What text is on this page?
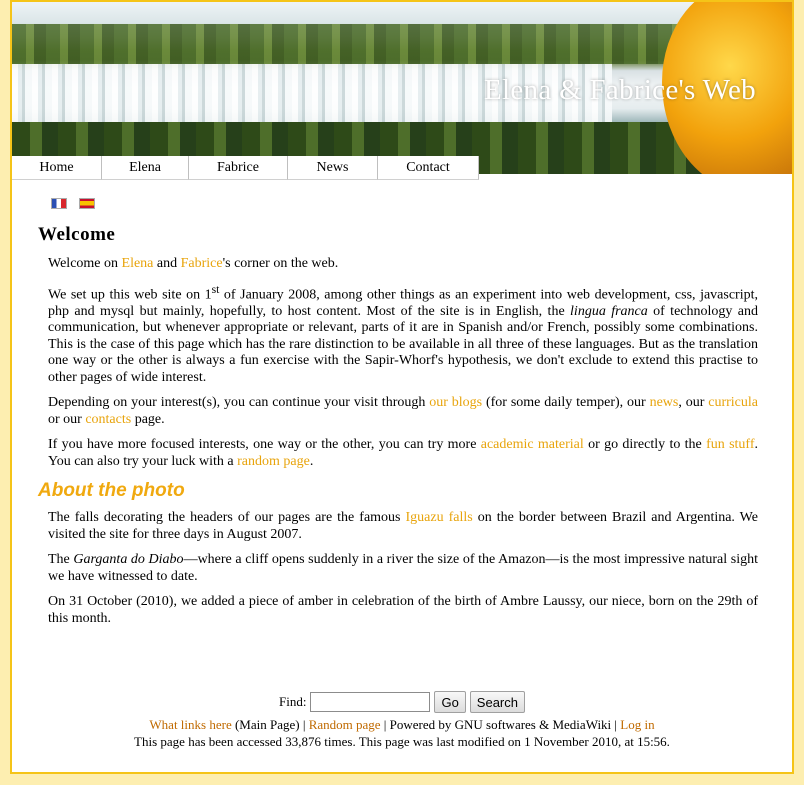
Elena & Fabrice's Web
Home	Elena	Fabrice	News	Contact
Welcome

Welcome on Elena and Fabrice's corner on the web.

We set up this web site on 1st of January 2008, among other things as an experiment into web development, css, javascript, php and mysql but mainly, hopefully, to host content. Most of the site is in English, the lingua franca of technology and communication, but whenever appropriate or relevant, parts of it are in Spanish and/or French, possibly some combinations. This is the case of this page which has the rare distinction to be available in all three of these languages. But as the translation one way or the other is always a fun exercise with the Sapir-Whorf's hypothesis, we don't exclude to extend this practise to other pages of wide interest.

Depending on your interest(s), you can continue your visit through our blogs (for some daily temper), our news, our curricula or our contacts page.

If you have more focused interests, one way or the other, you can try more academic material or go directly to the fun stuff. You can also try your luck with a random page.

About the photo

The falls decorating the headers of our pages are the famous Iguazu falls on the border between Brazil and Argentina. We visited the site for three days in August 2007.

The Garganta do Diabo—where a cliff opens suddenly in a river the size of the Amazon—is the most impressive natural sight we have witnessed to date.

On 31 October (2010), we added a piece of amber in celebration of the birth of Ambre Laussy, our niece, born on the 29th of this month.

Find:	Go	Search
What links here (Main Page) | Random page | Powered by GNU softwares & MediaWiki | Log in
This page has been accessed 33,876 times. This page was last modified on 1 November 2010, at 15:56.
